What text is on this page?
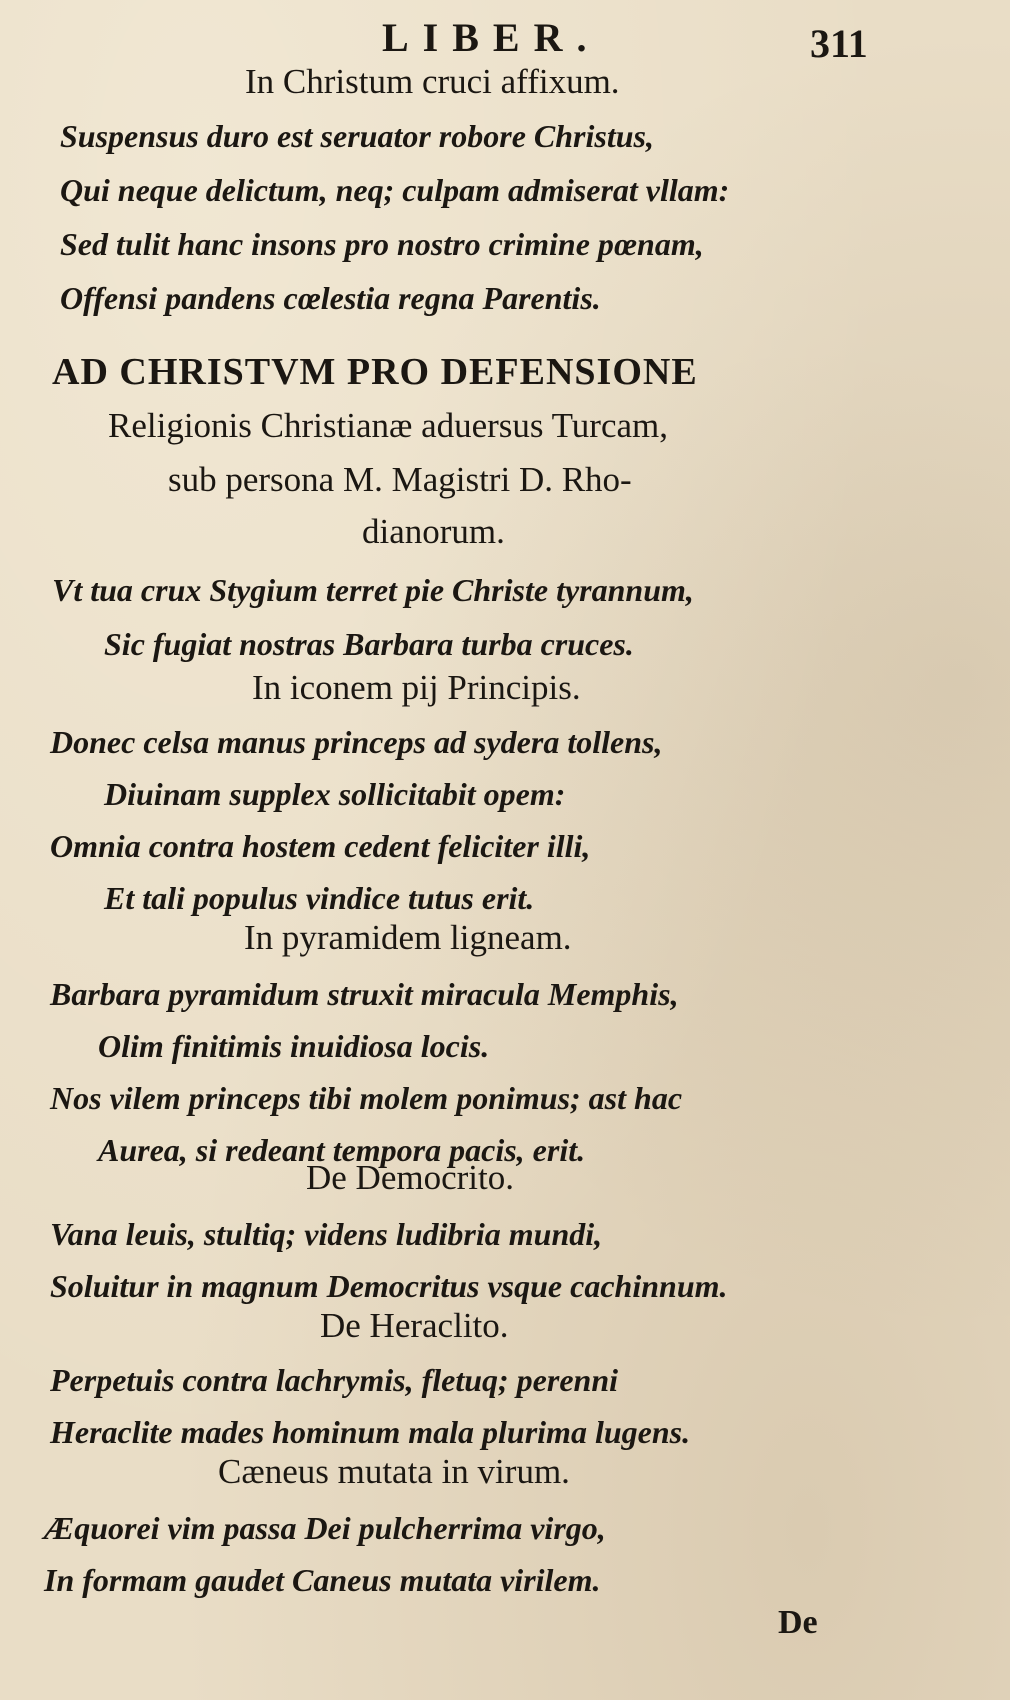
LIBER.	311
In Christum cruci affixum.
Suspensus duro est seruator robore Christus,
Qui neque delictum, neq; culpam admiserat vllam:
Sed tulit hanc insons pro nostro crimine pœnam,
Offensi pandens cœlestia regna Parentis.
AD CHRISTVM PRO DEFENSIONE
Religionis Christianæ aduersus Turcam,
sub persona M. Magistri D. Rho-
dianorum.
Vt tua crux Stygium terret pie Christe tyrannum,
Sic fugiat nostras Barbara turba cruces.
In iconem pij Principis.
Donec celsa manus princeps ad sydera tollens,
Diuinam supplex sollicitabit opem:
Omnia contra hostem cedent feliciter illi,
Et tali populus vindice tutus erit.
In pyramidem ligneam.
Barbara pyramidum struxit miracula Memphis,
Olim finitimis inuidiosa locis.
Nos vilem princeps tibi molem ponimus; ast hac
Aurea, si redeant tempora pacis, erit.
De Democrito.
Vana leuis, stultiq; videns ludibria mundi,
Soluitur in magnum Democritus vsque cachinnum.
De Heraclito.
Perpetuis contra lachrymis, fletuq; perenni
Heraclite mades hominum mala plurima lugens.
Cæneus mutata in virum.
Æquorei vim passa Dei pulcherrima virgo,
In formam gaudet Caneus mutata virilem.
De
